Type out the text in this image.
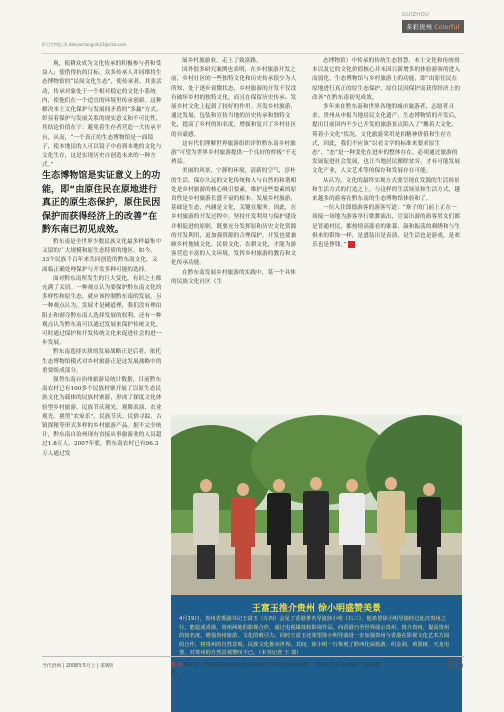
护目生特报 添 dahuachangxin21@sina.com
GUIZHOU
多彩贵州 Colorful

观，使耕众成为文化传承的积极参与者和受益人；使借得抗的目标，众多传承人并同维持生态博物馆的“民间文化生态”，使传承者、其张活动，传承对象处于一个相对稳定的文化小系统内，使他们在一个适宜的环境里传承创新。这种解决本土文化保护与发展间矛盾的“多赢”方式，彰显着保护与发展关系的现实意义和不可比性，其结论价值在于：避免着生存者营造一大传承平台，从而，“一个真正的生态博物馆是一面镜子，使本地民的人可以镜子中看到本地的文化与文化生存，这是实现历史自创造未来的一种方式。”

生态博物馆是实证意义上的功能，即“由原住民在原地进行真正的原生态保护，原住民因保护而获得经济上的改善”在黔东南已初见成效。

黔东南是全世界少数民族文化最多样最集中又留的广大规模和原生态特质的地区。如今，33个民族千百年来共同创造的黔东南文化，又面临正确处理保护与开发多种可能的选择。

面对黔东南所发生的巨大变化，有识之士都充满了关切。一种观点认为要保护黔东南文化的多样性和原生态，就应该控制黔东南的发展，另一种观点认为，发展才是硬道理，我们没有理由阻止和剥夺黔东南人选择发展的权利。还有一种观点认为黔东南可以通过发展来保护传统文化，可时通过保护和开发传统文化来促进社会的进一步发展。

黔东南选择实质的发展战略正是后者。依托生态博物馆模式对乡村旅游正是这发展战略中的重要组成部分。

强势东南台治州旅游局统计数据，目前黔东南农村已有100多个民族村寨开展了以原生态民族文化为载体的民族村寨游，形成了探度文化体验型乡村旅游、民族节庆观光、观舞表演、农业观光、挑剪“农家乐”、民族节庆、民俗寻踪、古镇探秘等形式多样的乡村旅游产品。据不完全统计，黔东南自治州现有直接从事旅游业的人员超过1.8万人，2007年底，黔东南农村已有96.3万人通过发

展乡村旅游业，走上了致富路。

国外很多研究案例也表明，在乡村旅游开发之前，乡村社区的一些独特文化和历史传承很少为人所知，处于逐步衰微状态，乡村旅游的开发不仅没有破坏乡村的独特文化，而且在保留历史传承、发展乡村文化上起到了较好的作用。开发乡村旅游，通过发展，包装和宣传当地的历史传承和独特文化，提高了乡村的知名度，增强和复兴了乡村社区的自豪感。

这有代们理解世界旅游组织评价黔东南乡村旅游“可望为世界乡村旅游提供一个良好的样板”不无裨益。

美丽的风景，宁静的环境，清新的空气，淳朴的生活，保存久远的文化传统和人与自然的和谐相处是乡村旅游的核心吸引要素，维护这些要素的原真性是乡村旅游长盛不衰的根本。发展乡村旅游，基础是生态，内涵是文化，关键在服务。因此，在乡村旅游的开发过程中，坚持开发利用与保护建设并相促进的原则，既要充分发挥原和历史文化资源的开发利用，更加强资源的合理保护，开发也要兼顾乡村地域文化、民俗文化、农耕文化，才能为游客营造丰富的人文环境，发挥乡村旅游的教育和文化传承功能。

在黔东南发展乡村旅游的实践中，某一个具体的民族文化社区（生

态博物馆）中传承的传统生态智慧，本土文化和传统资本以及它的文化价值核心并未因日新增多的体验游客的进入而弱化，生态博物馆与乡村旅游上的功能，即“由原住民在原地进行真正的原生态保护，原住民因保护而获得经济上的改善”在黔东南初见成效。

多年来在黔东南和世界各地的城市旅游者、志愿者寻求。贵州从申报当地居民文化遗产、生态博物馆的开发后，提出目前国内不少已开发的旅游景点陷入了“搬着大文化、荷着小文化”状况，文化旅游采用是拍精神价值和生存方式，因此，我们不应该“以看文学的标准来要求原生态”。“态”是一种变化在进步的整体存在，必须通过旅游的发展促进社会发展，也让当地居民搬除贫穷，才有可能发展文化产业，人文艺术等的保存和发展存在可能。

从认为，文化的最终实现方式要呈现在发源的生活场景和生活方式的打造之上。与这样的生活场景和生活方式，越来越多的游客在黔东南的生态博物馆体验和了。

一位入住郎德游客的游客写道：“寨子的门前上正在一场接一场地为游客举行歌舞演出，宣宴出游的游客男女们都是普通村民，都热情高涨看的锥幕，鼓和振荡的刺绣和与生俱来的银饰一样，是盛装出是表演，是生活也是游戏，是欢乐也是挣钱。”

王富玉推介贵州 徐小明盛赞美景
4月19日，贵州省委副书记王富玉（左四）会见了香港著名导演徐小明（右三），他希望徐小明导演经过此次贵州之行，能促成香港、贵州两地的影视合作，通过电视媒体和影视作品，向香港乃至世界展示贵州、推介贵州，提高贵州的知名度，增强贵州旅游、文化的吸引力。同时王富玉还希望徐小明导演进一步加强贵州与香港在影视文化艺术方面的合作，将贵州的自然景观、民族文化推向世界。其间，徐小明一行参观了黔西化屋旅游、织金洞、黄果树、天龙屯堡，对贵州的自然景观赞叹不已。（本刊记者 王 瑞）
当代贵州 | 2008年5月上 | 第9期	短 信 编者注：贵州省屯堡及文化原生态保护工程已全面启动开展，“贵州原生态文化保护”工程的推进。	65
